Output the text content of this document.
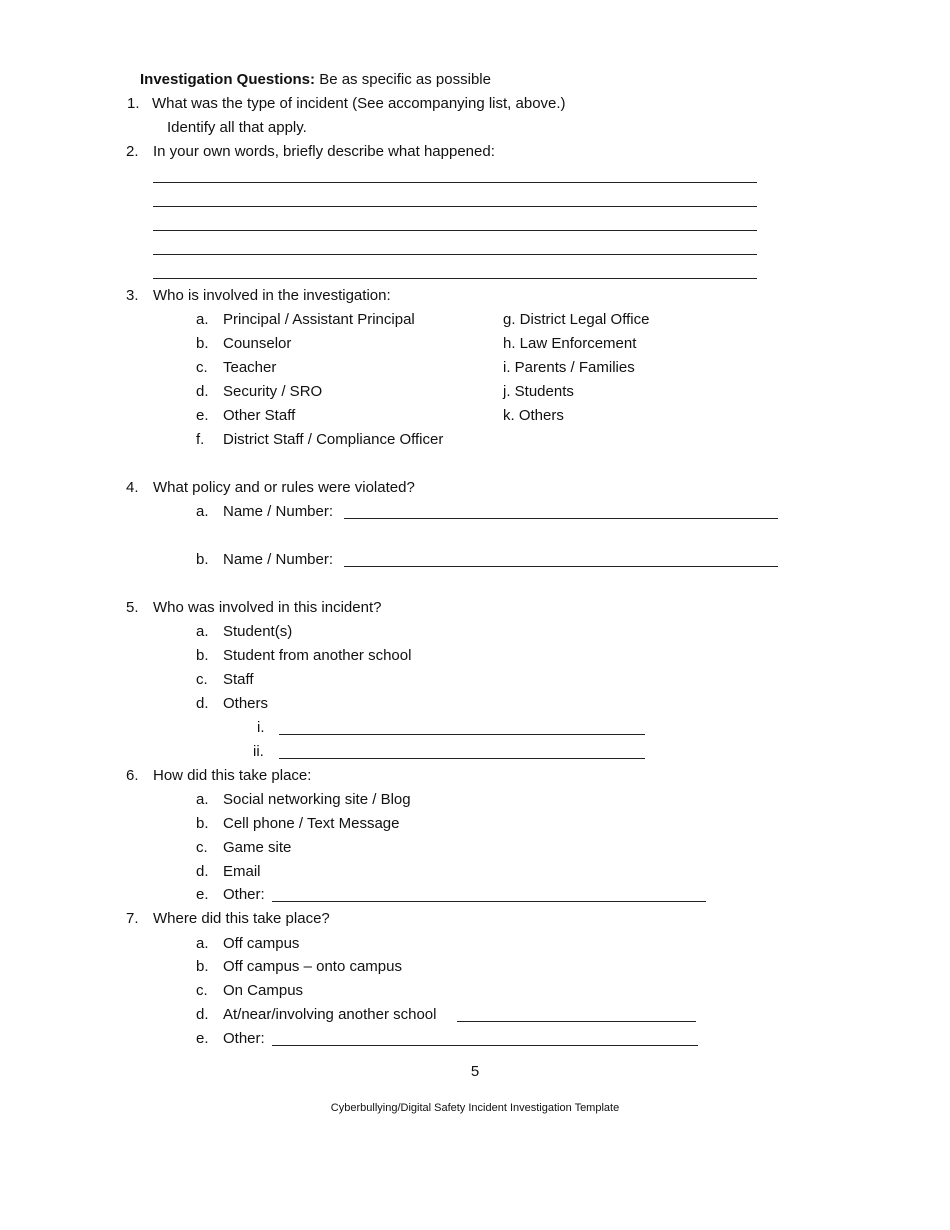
Investigation Questions: Be as specific as possible
1. What was the type of incident (See accompanying list, above.)
Identify all that apply.
2. In your own words, briefly describe what happened:
3. Who is involved in the investigation:
a. Principal / Assistant Principal
b. Counselor
c. Teacher
d. Security / SRO
e. Other Staff
f. District Staff / Compliance Officer
g. District Legal Office
h. Law Enforcement
i. Parents / Families
j. Students
k. Others
4. What policy and or rules were violated?
a. Name / Number:
b. Name / Number:
5. Who was involved in this incident?
a. Student(s)
b. Student from another school
c. Staff
d. Others
i.
ii.
6. How did this take place:
a. Social networking site / Blog
b. Cell phone / Text Message
c. Game site
d. Email
e. Other:
7. Where did this take place?
a. Off campus
b. Off campus – onto campus
c. On Campus
d. At/near/involving another school
e. Other:
5
Cyberbullying/Digital Safety Incident Investigation Template
